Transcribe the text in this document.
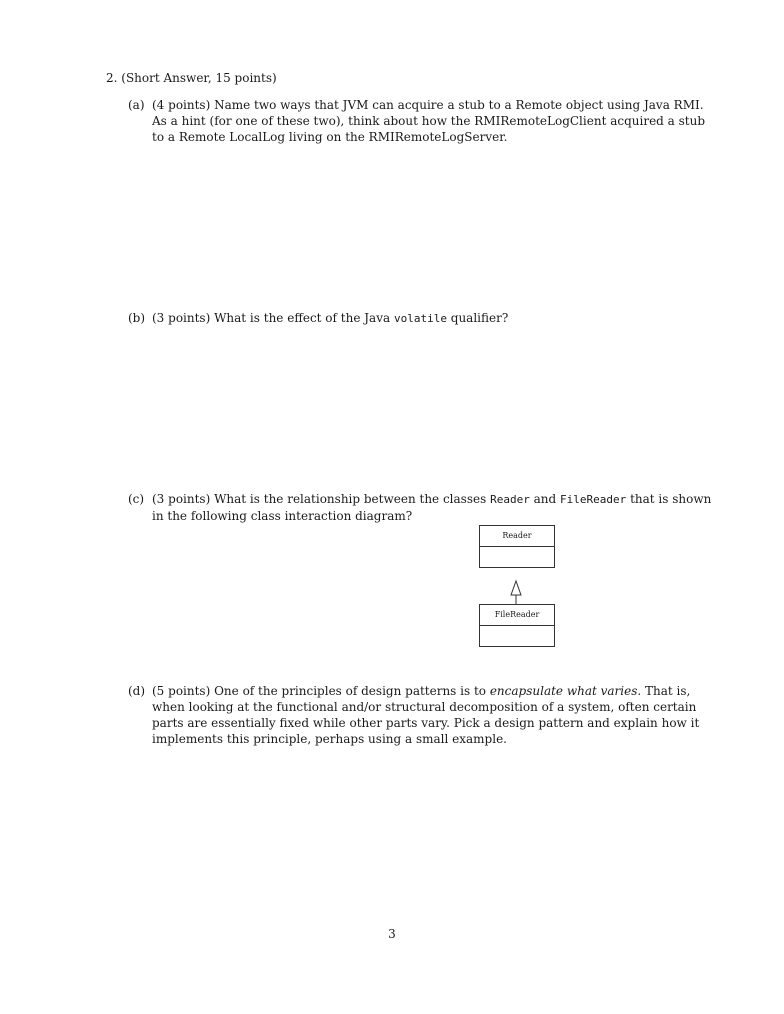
2. (Short Answer, 15 points)
(a) (4 points) Name two ways that JVM can acquire a stub to a Remote object using Java RMI.
As a hint (for one of these two), think about how the RMIRemoteLogClient acquired a stub
to a Remote LocalLog living on the RMIRemoteLogServer.
(b) (3 points) What is the effect of the Java volatile qualifier?
(c) (3 points) What is the relationship between the classes Reader and FileReader that is shown
in the following class interaction diagram?
Reader
FileReader
(d) (5 points) One of the principles of design patterns is to encapsulate what varies. That is,
when looking at the functional and/or structural decomposition of a system, often certain
parts are essentially fixed while other parts vary. Pick a design pattern and explain how it
implements this principle, perhaps using a small example.
3
